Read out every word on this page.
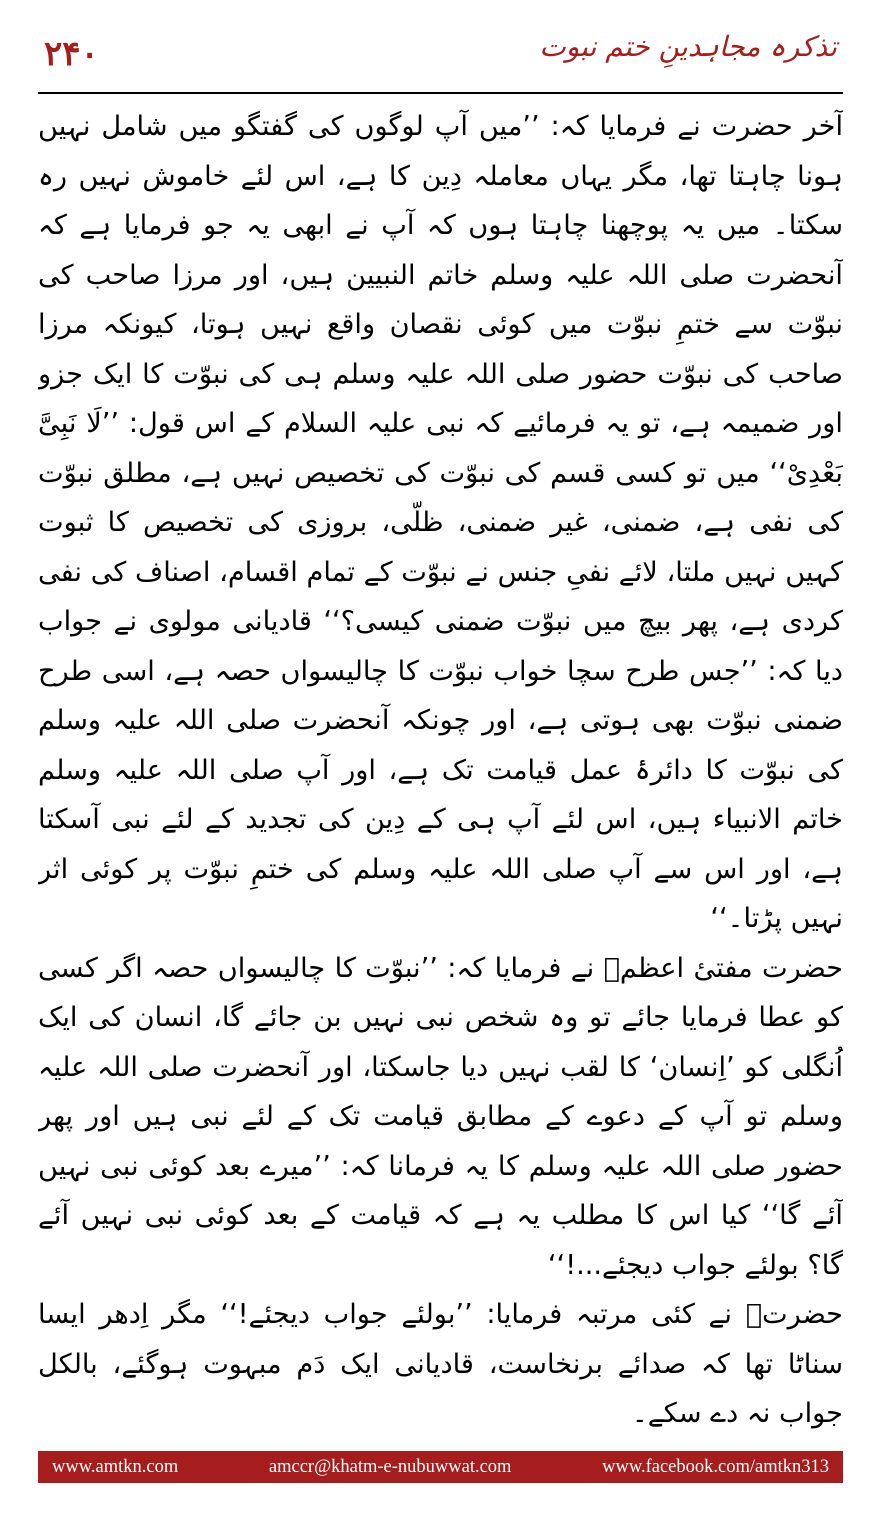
۲۴۰	تذکرہ مجاہدینِ ختم نبوت

آخر حضرت نے فرمایا کہ: ’’میں آپ لوگوں کی گفتگو میں شامل نہیں ہونا چاہتا تھا، مگر یہاں معاملہ دِین کا ہے، اس لئے خاموش نہیں رہ سکتا۔ میں یہ پوچھنا چاہتا ہوں کہ آپ نے ابھی یہ جو فرمایا ہے کہ آنحضرت صلی اللہ علیہ وسلم خاتم النبیین ہیں، اور مرزا صاحب کی نبوّت سے ختمِ نبوّت میں کوئی نقصان واقع نہیں ہوتا، کیونکہ مرزا صاحب کی نبوّت حضور صلی اللہ علیہ وسلم ہی کی نبوّت کا ایک جزو اور ضمیمہ ہے، تو یہ فرمائیے کہ نبی علیہ السلام کے اس قول: ’’لَا نَبِیَّ بَعْدِیْ‘‘ میں تو کسی قسم کی نبوّت کی تخصیص نہیں ہے، مطلق نبوّت کی نفی ہے، ضمنی، غیر ضمنی، ظلّی، بروزی کی تخصیص کا ثبوت کہیں نہیں ملتا، لائے نفیِ جنس نے نبوّت کے تمام اقسام، اصناف کی نفی کردی ہے، پھر بیچ میں نبوّت ضمنی کیسی؟‘‘ قادیانی مولوی نے جواب دیا کہ: ’’جس طرح سچا خواب نبوّت کا چالیسواں حصہ ہے، اسی طرح ضمنی نبوّت بھی ہوتی ہے، اور چونکہ آنحضرت صلی اللہ علیہ وسلم کی نبوّت کا دائرۂ عمل قیامت تک ہے، اور آپ صلی اللہ علیہ وسلم خاتم الانبیاء ہیں، اس لئے آپ ہی کے دِین کی تجدید کے لئے نبی آسکتا ہے، اور اس سے آپ صلی اللہ علیہ وسلم کی ختمِ نبوّت پر کوئی اثر نہیں پڑتا۔‘‘

حضرت مفتیٔ اعظمؒ نے فرمایا کہ: ’’نبوّت کا چالیسواں حصہ اگر کسی کو عطا فرمایا جائے تو وہ شخص نبی نہیں بن جائے گا، انسان کی ایک اُنگلی کو ’اِنسان‘ کا لقب نہیں دیا جاسکتا، اور آنحضرت صلی اللہ علیہ وسلم تو آپ کے دعوے کے مطابق قیامت تک کے لئے نبی ہیں اور پھر حضور صلی اللہ علیہ وسلم کا یہ فرمانا کہ: ’’میرے بعد کوئی نبی نہیں آئے گا‘‘ کیا اس کا مطلب یہ ہے کہ قیامت کے بعد کوئی نبی نہیں آئے گا؟ بولئے جواب دیجئے...!‘‘

حضرتؒ نے کئی مرتبہ فرمایا: ’’بولئے جواب دیجئے!‘‘ مگر اِدھر ایسا سناٹا تھا کہ صدائے برنخاست، قادیانی ایک دَم مبہوت ہوگئے، بالکل جواب نہ دے سکے۔

www.amtkn.com	amccr@khatm-e-nubuwwat.com	www.facebook.com/amtkn313
